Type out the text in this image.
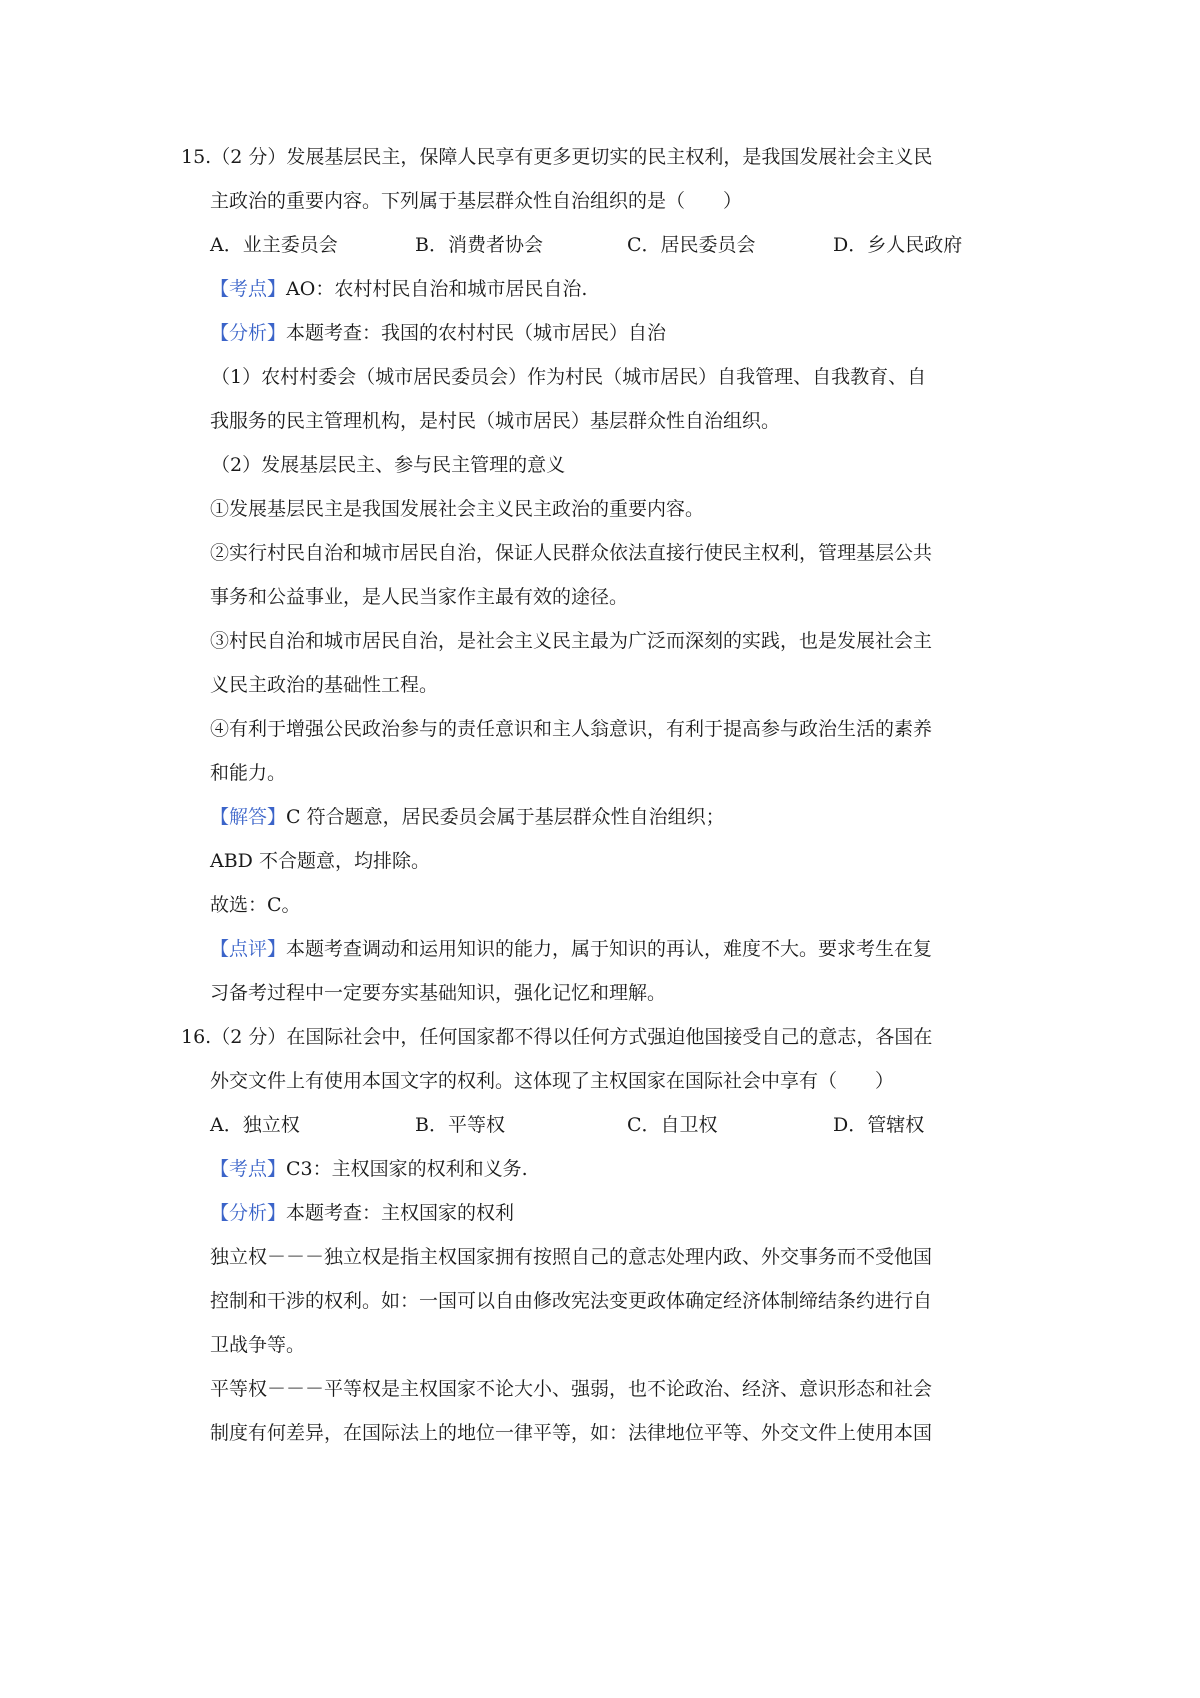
15.（2 分）发展基层民主，保障人民享有更多更切实的民主权利，是我国发展社会主义民
主政治的重要内容。下列属于基层群众性自治组织的是（　　）
A．业主委员会	B．消费者协会	C．居民委员会	D．乡人民政府
【考点】AO：农村村民自治和城市居民自治.
【分析】本题考查：我国的农村村民（城市居民）自治
（1）农村村委会（城市居民委员会）作为村民（城市居民）自我管理、自我教育、自
我服务的民主管理机构，是村民（城市居民）基层群众性自治组织。
（2）发展基层民主、参与民主管理的意义
①发展基层民主是我国发展社会主义民主政治的重要内容。
②实行村民自治和城市居民自治，保证人民群众依法直接行使民主权利，管理基层公共
事务和公益事业，是人民当家作主最有效的途径。
③村民自治和城市居民自治，是社会主义民主最为广泛而深刻的实践，也是发展社会主
义民主政治的基础性工程。
④有利于增强公民政治参与的责任意识和主人翁意识，有利于提高参与政治生活的素养
和能力。
【解答】C 符合题意，居民委员会属于基层群众性自治组织；
ABD 不合题意，均排除。
故选：C。
【点评】本题考查调动和运用知识的能力，属于知识的再认，难度不大。要求考生在复
习备考过程中一定要夯实基础知识，强化记忆和理解。
16.（2 分）在国际社会中，任何国家都不得以任何方式强迫他国接受自己的意志，各国在
外交文件上有使用本国文字的权利。这体现了主权国家在国际社会中享有（　　）
A．独立权	B．平等权	C．自卫权	D．管辖权
【考点】C3：主权国家的权利和义务.
【分析】本题考查：主权国家的权利
独立权－－－独立权是指主权国家拥有按照自己的意志处理内政、外交事务而不受他国
控制和干涉的权利。如：一国可以自由修改宪法变更政体确定经济体制缔结条约进行自
卫战争等。
平等权－－－平等权是主权国家不论大小、强弱，也不论政治、经济、意识形态和社会
制度有何差异，在国际法上的地位一律平等，如：法律地位平等、外交文件上使用本国
